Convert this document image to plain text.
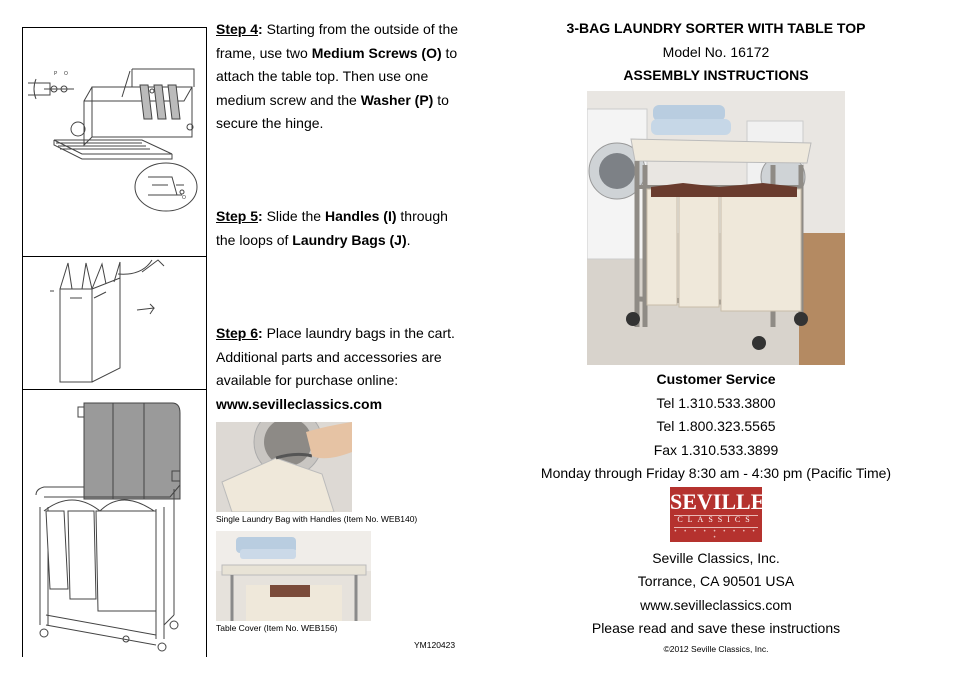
P O
O

Step 4: Starting from the outside of the frame, use two Medium Screws (O) to attach the table top. Then use one medium screw and the Washer (P) to secure the hinge.

Step 5: Slide the Handles (I) through the loops of Laundry Bags (J).

Step 6: Place laundry bags in the cart. Additional parts and accessories are available for purchase online:
www.sevilleclassics.com

Single Laundry Bag with Handles (Item No. WEB140)
Table Cover (Item No. WEB156)
YM120423
3-BAG LAUNDRY SORTER WITH TABLE TOP
Model No. 16172
ASSEMBLY INSTRUCTIONS
Customer Service
Tel 1.310.533.3800
Tel 1.800.323.5565
Fax 1.310.533.3899
Monday through Friday 8:30 am - 4:30 pm (Pacific Time)
SEVILLE
CLASSICS
• • • • • • • • • •
Seville Classics, Inc.
Torrance, CA 90501 USA
www.sevilleclassics.com
Please read and save these instructions
©2012 Seville Classics, Inc.
